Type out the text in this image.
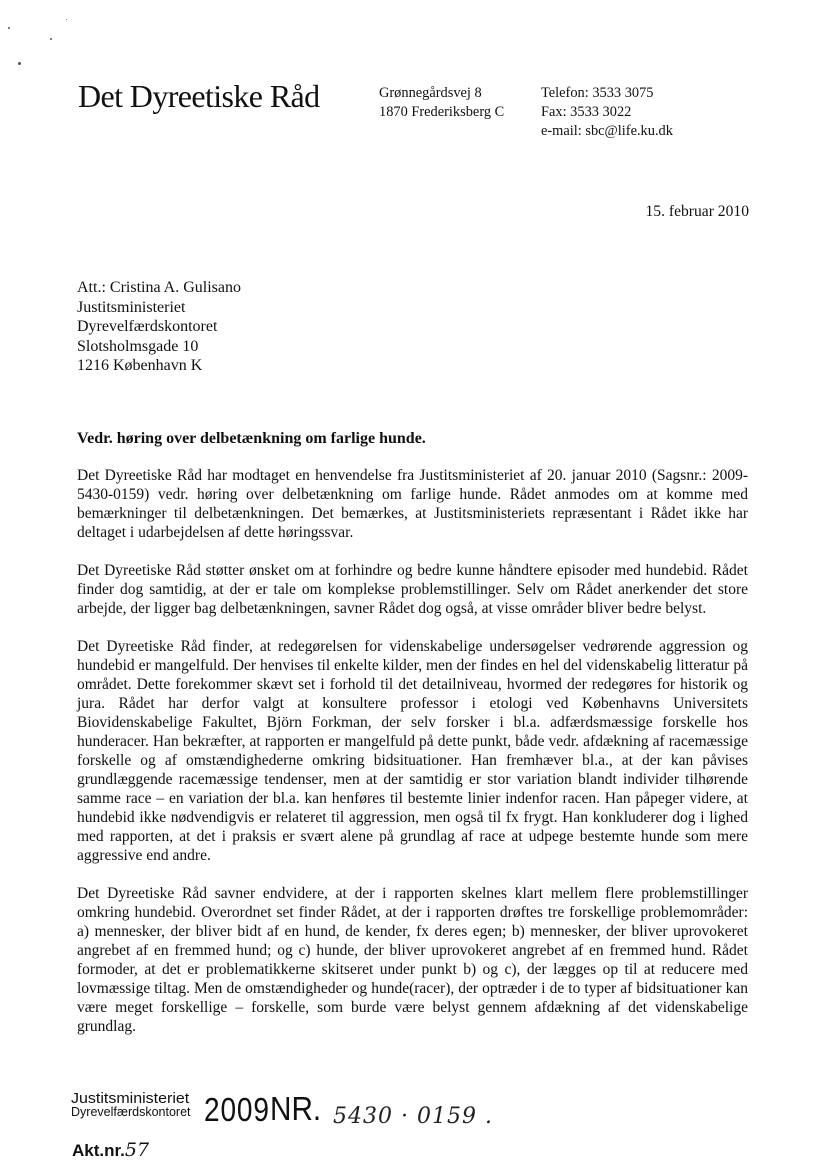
Det Dyreetiske Råd	Grønnegårdsvej 8
1870 Frederiksberg C
Telefon: 3533 3075
Fax: 3533 3022
e-mail: sbc@life.ku.dk
15. februar 2010
Att.: Cristina A. Gulisano
Justitsministeriet
Dyrevelfærdskontoret
Slotsholmsgade 10
1216 København K
Vedr. høring over delbetænkning om farlige hunde.

Det Dyreetiske Råd har modtaget en henvendelse fra Justitsministeriet af 20. januar 2010 (Sagsnr.: 2009-5430-0159) vedr. høring over delbetænkning om farlige hunde. Rådet anmodes om at komme med bemærkninger til delbetænkningen. Det bemærkes, at Justitsministeriets repræsentant i Rådet ikke har deltaget i udarbejdelsen af dette høringssvar.

Det Dyreetiske Råd støtter ønsket om at forhindre og bedre kunne håndtere episoder med hundebid. Rådet finder dog samtidig, at der er tale om komplekse problemstillinger. Selv om Rådet anerkender det store arbejde, der ligger bag delbetænkningen, savner Rådet dog også, at visse områder bliver bedre belyst.

Det Dyreetiske Råd finder, at redegørelsen for videnskabelige undersøgelser vedrørende aggression og hundebid er mangelfuld. Der henvises til enkelte kilder, men der findes en hel del videnskabelig litteratur på området. Dette forekommer skævt set i forhold til det detailniveau, hvormed der redegøres for historik og jura. Rådet har derfor valgt at konsultere professor i etologi ved Københavns Universitets Biovidenskabelige Fakultet, Björn Forkman, der selv forsker i bl.a. adfærdsmæssige forskelle hos hunderacer. Han bekræfter, at rapporten er mangelfuld på dette punkt, både vedr. afdækning af racemæssige forskelle og af omstændighederne omkring bidsituationer. Han fremhæver bl.a., at der kan påvises grundlæggende racemæssige tendenser, men at der samtidig er stor variation blandt individer tilhørende samme race – en variation der bl.a. kan henføres til bestemte linier indenfor racen. Han påpeger videre, at hundebid ikke nødvendigvis er relateret til aggression, men også til fx frygt. Han konkluderer dog i lighed med rapporten, at det i praksis er svært alene på grundlag af race at udpege bestemte hunde som mere aggressive end andre.

Det Dyreetiske Råd savner endvidere, at der i rapporten skelnes klart mellem flere problemstillinger omkring hundebid. Overordnet set finder Rådet, at der i rapporten drøftes tre forskellige problemområder: a) mennesker, der bliver bidt af en hund, de kender, fx deres egen; b) mennesker, der bliver uprovokeret angrebet af en fremmed hund; og c) hunde, der bliver uprovokeret angrebet af en fremmed hund. Rådet formoder, at det er problematikkerne skitseret under punkt b) og c), der lægges op til at reducere med lovmæssige tiltag. Men de omstændigheder og hunde(racer), der optræder i de to typer af bidsituationer kan være meget forskellige – forskelle, som burde være belyst gennem afdækning af det videnskabelige grundlag.

Justitsministeriet
Dyrevelfærdskontoret 2009 NR. 5430 · 0159 .
Akt.nr.57
